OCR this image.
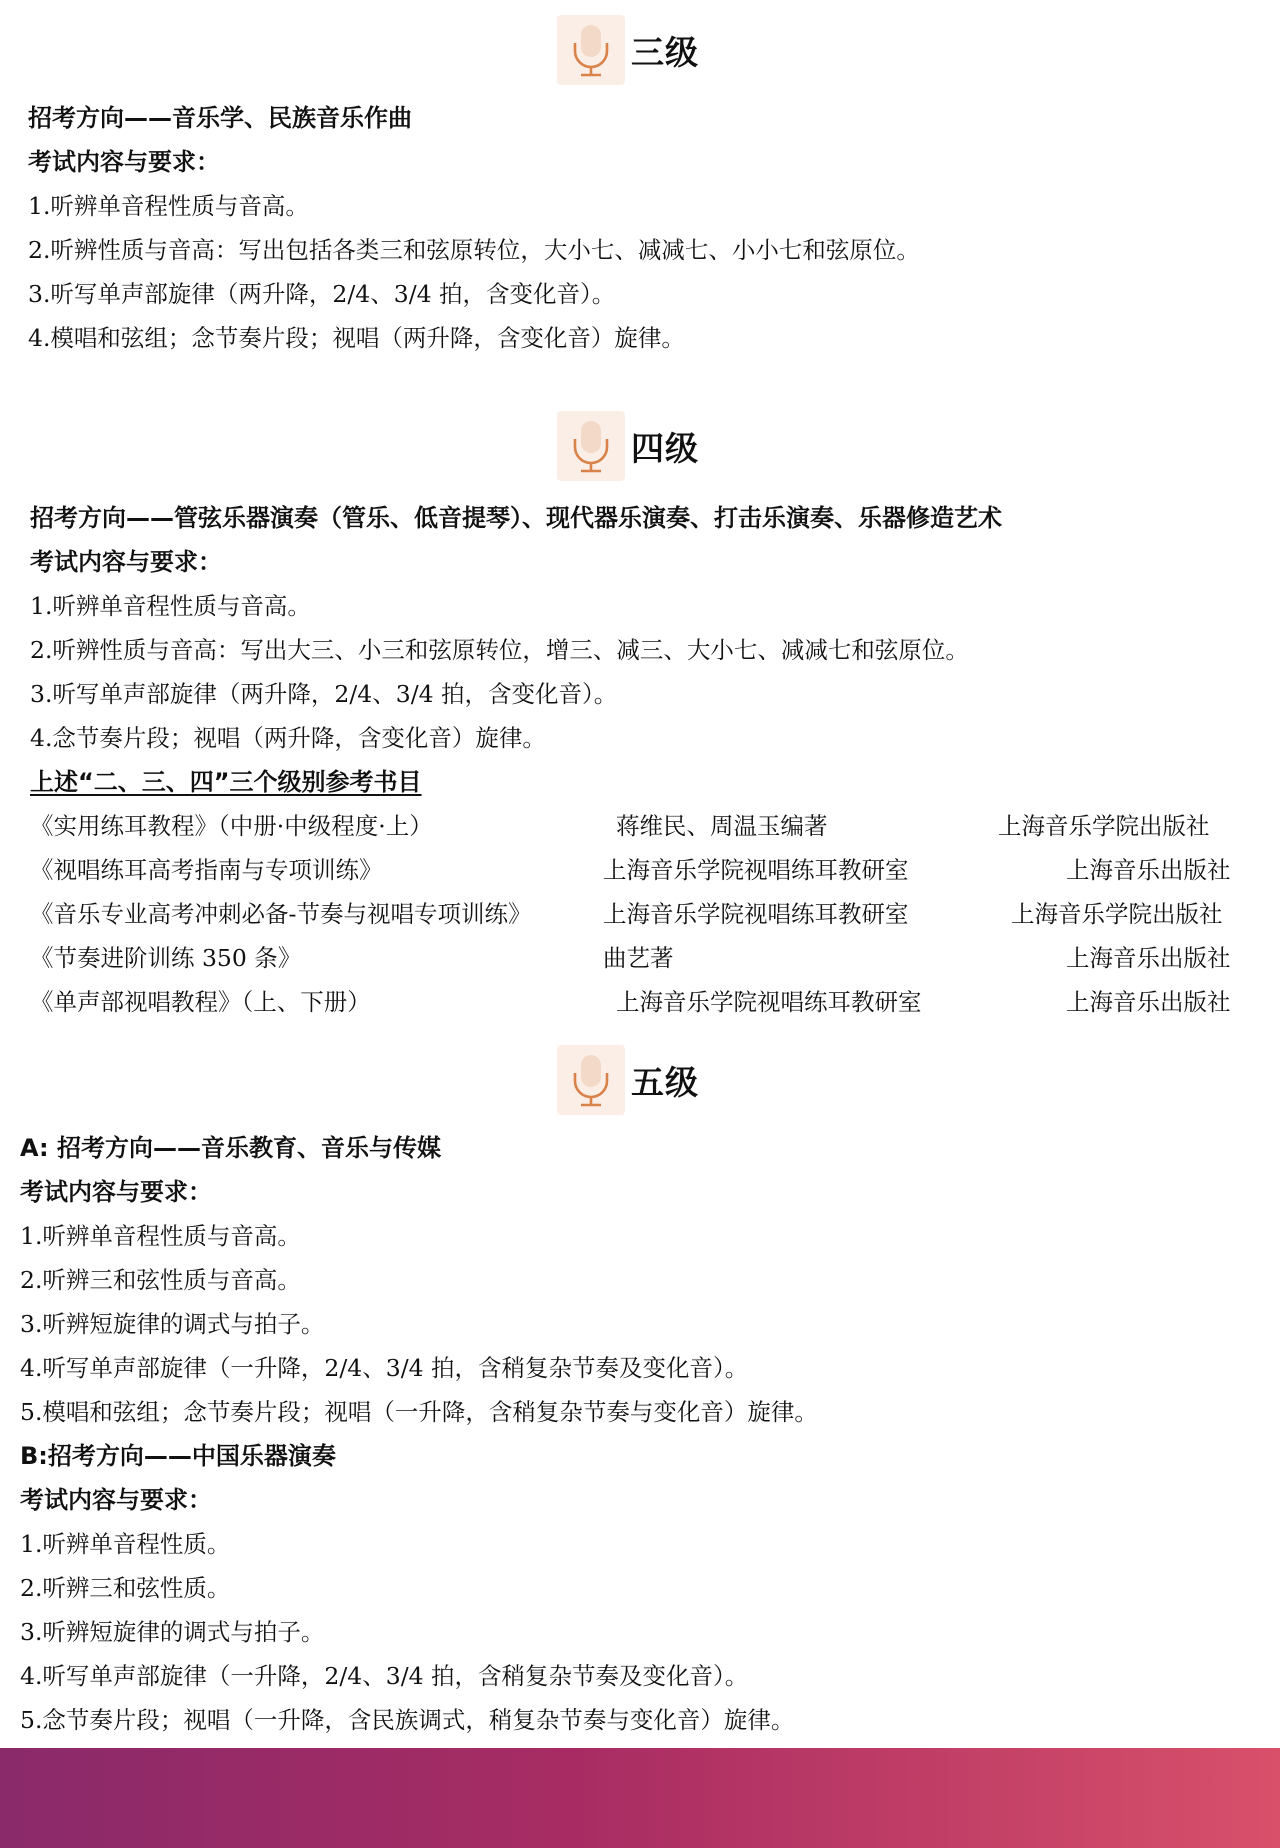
三级
招考方向——音乐学、民族音乐作曲
考试内容与要求：
1.听辨单音程性质与音高。
2.听辨性质与音高：写出包括各类三和弦原转位，大小七、减减七、小小七和弦原位。
3.听写单声部旋律（两升降，2/4、3/4 拍，含变化音）。
4.模唱和弦组；念节奏片段；视唱（两升降，含变化音）旋律。
四级
招考方向——管弦乐器演奏（管乐、低音提琴）、现代器乐演奏、打击乐演奏、乐器修造艺术
考试内容与要求：
1.听辨单音程性质与音高。
2.听辨性质与音高：写出大三、小三和弦原转位，增三、减三、大小七、减减七和弦原位。
3.听写单声部旋律（两升降，2/4、3/4 拍，含变化音）。
4.念节奏片段；视唱（两升降，含变化音）旋律。
上述“二、三、四”三个级别参考书目
《实用练耳教程》（中册·中级程度·上）	蒋维民、周温玉编著	上海音乐学院出版社
《视唱练耳高考指南与专项训练》	上海音乐学院视唱练耳教研室	上海音乐出版社
《音乐专业高考冲刺必备-节奏与视唱专项训练》	上海音乐学院视唱练耳教研室	上海音乐学院出版社
《节奏进阶训练 350 条》	曲艺著	上海音乐出版社
《单声部视唱教程》（上、下册）	上海音乐学院视唱练耳教研室	上海音乐出版社
五级
A: 招考方向——音乐教育、音乐与传媒
考试内容与要求：
1.听辨单音程性质与音高。
2.听辨三和弦性质与音高。
3.听辨短旋律的调式与拍子。
4.听写单声部旋律（一升降，2/4、3/4 拍，含稍复杂节奏及变化音）。
5.模唱和弦组；念节奏片段；视唱（一升降，含稍复杂节奏与变化音）旋律。
B:招考方向——中国乐器演奏
考试内容与要求：
1.听辨单音程性质。
2.听辨三和弦性质。
3.听辨短旋律的调式与拍子。
4.听写单声部旋律（一升降，2/4、3/4 拍，含稍复杂节奏及变化音）。
5.念节奏片段；视唱（一升降，含民族调式，稍复杂节奏与变化音）旋律。
